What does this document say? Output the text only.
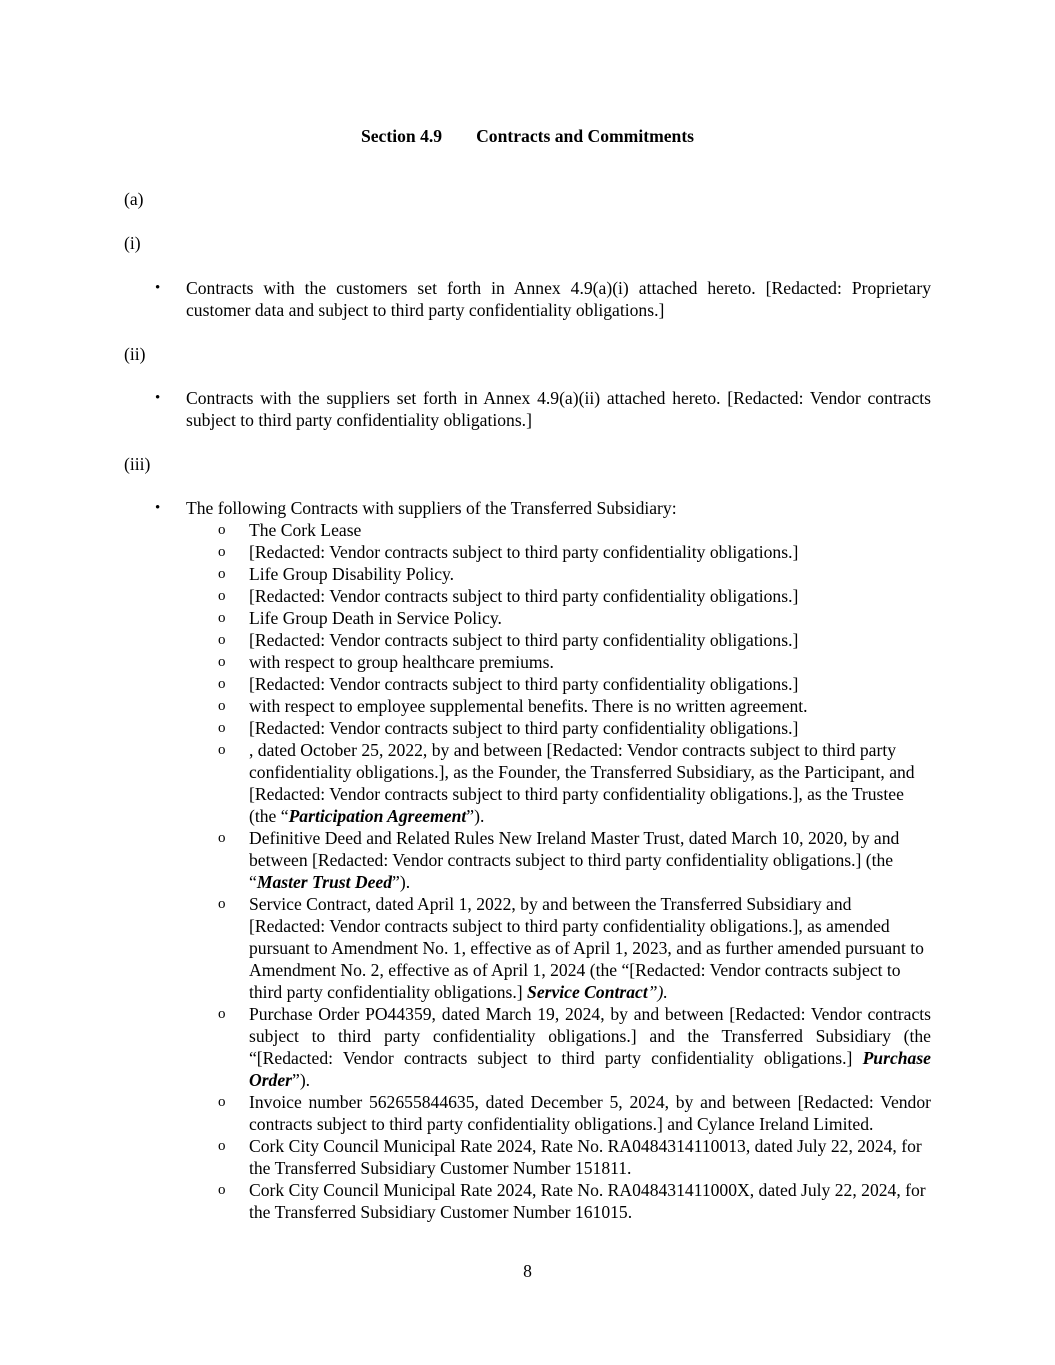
Section 4.9 Contracts and Commitments
(a)
(i)
• Contracts with the customers set forth in Annex 4.9(a)(i) attached hereto. [Redacted: Proprietary customer data and subject to third party confidentiality obligations.]
(ii)
• Contracts with the suppliers set forth in Annex 4.9(a)(ii) attached hereto. [Redacted: Vendor contracts subject to third party confidentiality obligations.]
(iii)
• The following Contracts with suppliers of the Transferred Subsidiary:
o The Cork Lease
o [Redacted: Vendor contracts subject to third party confidentiality obligations.]
o Life Group Disability Policy.
o [Redacted: Vendor contracts subject to third party confidentiality obligations.]
o Life Group Death in Service Policy.
o [Redacted: Vendor contracts subject to third party confidentiality obligations.]
o with respect to group healthcare premiums.
o [Redacted: Vendor contracts subject to third party confidentiality obligations.]
o with respect to employee supplemental benefits. There is no written agreement.
o [Redacted: Vendor contracts subject to third party confidentiality obligations.]
o , dated October 25, 2022, by and between [Redacted: Vendor contracts subject to third party confidentiality obligations.], as the Founder, the Transferred Subsidiary, as the Participant, and [Redacted: Vendor contracts subject to third party confidentiality obligations.], as the Trustee (the “Participation Agreement”).
o Definitive Deed and Related Rules New Ireland Master Trust, dated March 10, 2020, by and between [Redacted: Vendor contracts subject to third party confidentiality obligations.] (the “Master Trust Deed”).
o Service Contract, dated April 1, 2022, by and between the Transferred Subsidiary and [Redacted: Vendor contracts subject to third party confidentiality obligations.], as amended pursuant to Amendment No. 1, effective as of April 1, 2023, and as further amended pursuant to Amendment No. 2, effective as of April 1, 2024 (the “[Redacted: Vendor contracts subject to third party confidentiality obligations.] Service Contract”).
o Purchase Order PO44359, dated March 19, 2024, by and between [Redacted: Vendor contracts subject to third party confidentiality obligations.] and the Transferred Subsidiary (the “[Redacted: Vendor contracts subject to third party confidentiality obligations.] Purchase Order”).
o Invoice number 562655844635, dated December 5, 2024, by and between [Redacted: Vendor contracts subject to third party confidentiality obligations.] and Cylance Ireland Limited.
o Cork City Council Municipal Rate 2024, Rate No. RA0484314110013, dated July 22, 2024, for the Transferred Subsidiary Customer Number 151811.
o Cork City Council Municipal Rate 2024, Rate No. RA048431411000X, dated July 22, 2024, for the Transferred Subsidiary Customer Number 161015.
8
